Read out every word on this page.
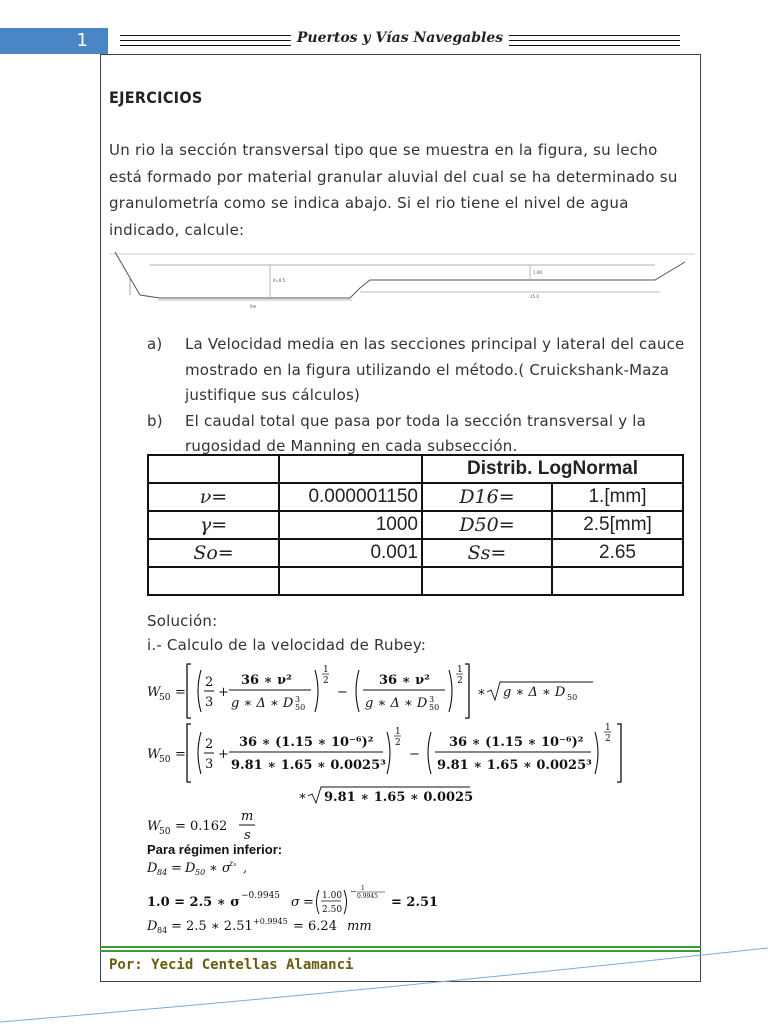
1	Puertos y Vías Navegables
EJERCICIOS
Un rio la sección transversal tipo que se muestra en la figura, su lecho está formado por material granular aluvial del cual se ha determinado su granulometría como se indica abajo. Si el rio tiene el nivel de agua indicado, calcule:
P=0.5
6m
1.00
15.0
a)	La Velocidad media en las secciones principal y lateral del cauce mostrado en la figura utilizando el método.( Cruickshank-Maza justifique sus cálculos)
b)	El caudal total que pasa por toda la sección transversal y la rugosidad de Manning en cada subsección.
		Distrib. LogNormal	
ν=	0.000001150	D16=	1.[mm]
γ=	1000	D50=	2.5[mm]
So=	0.001	Ss=	2.65

Solución:
i.- Calculo de la velocidad de Rubey:
W
50 =
2
3
+
36 ∗ ν²
g ∗ Δ ∗ D 50
3
1
2
−
36 ∗ ν²
g ∗ Δ ∗ D 50
3
1
2
∗ g ∗ Δ ∗ D 50
W
50 =
2
3
+
36 ∗ (1.15 ∗ 10⁻⁶)²
9.81 ∗ 1.65 ∗ 0.0025³
1
2
−
36 ∗ (1.15 ∗ 10⁻⁶)²
9.81 ∗ 1.65 ∗ 0.0025³
1
2
∗ 9.81 ∗ 1.65 ∗ 0.0025
W
50 = 0.162
m
s
Para régimen inferior:
D 84 = D 50 ∗ σ
zₙ ,
1.0 = 2.5 ∗ σ −0.9945 σ = 1.00
2.50
− 1
0.9945 = 2.51
D 84 = 2.5 ∗ 2.51 +0.9945 = 6.24 mm
Por: Yecid Centellas Alamanci
